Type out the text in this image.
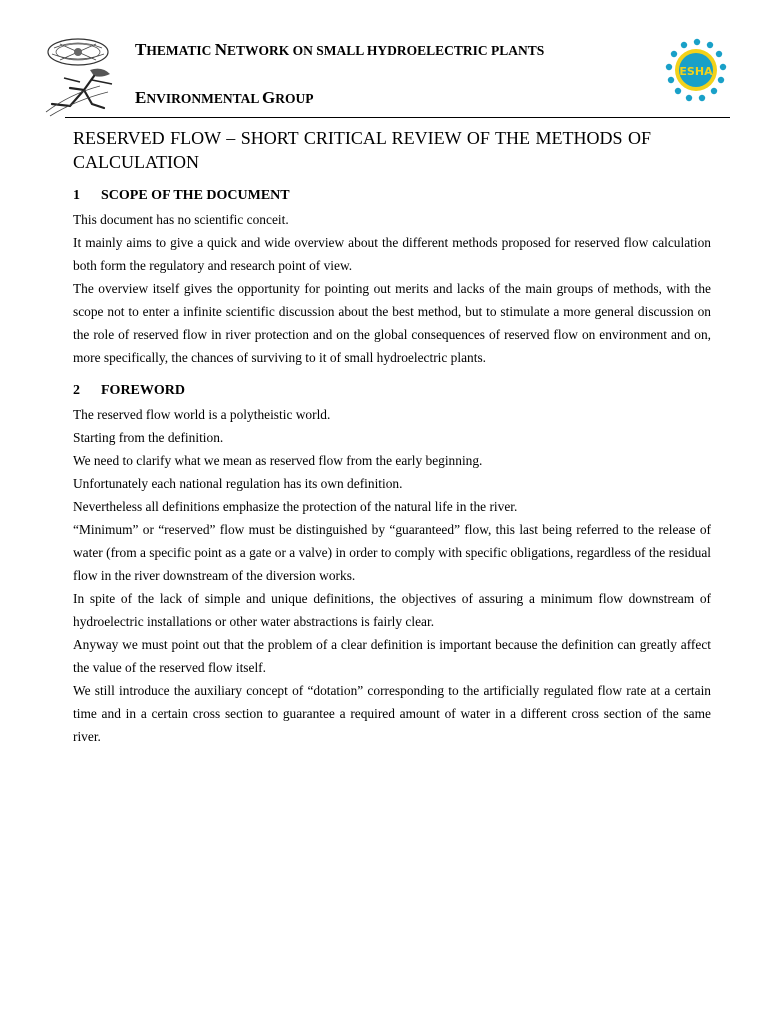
THEMATIC NETWORK ON SMALL HYDROELECTRIC PLANTS
ENVIRONMENTAL GROUP
ESHA
RESERVED FLOW – SHORT CRITICAL REVIEW OF THE METHODS OF CALCULATION
1	SCOPE OF THE DOCUMENT

This document has no scientific conceit.

It mainly aims to give a quick and wide overview about the different methods proposed for reserved flow calculation both form the regulatory and research point of view.

The overview itself gives the opportunity for pointing out merits and lacks of the main groups of methods, with the scope not to enter a infinite scientific discussion about the best method, but to stimulate a more general discussion on the role of reserved flow in river protection and on the global consequences of reserved flow on environment and on, more specifically, the chances of surviving to it of small hydroelectric plants.

2	FOREWORD

The reserved flow world is a polytheistic world.

Starting from the definition.

We need to clarify what we mean as reserved flow from the early beginning.

Unfortunately each national regulation has its own definition.

Nevertheless all definitions emphasize the protection of the natural life in the river.

“Minimum” or “reserved” flow must be distinguished by “guaranteed” flow, this last being referred to the release of water (from a specific point as a gate or a valve) in order to comply with specific obligations, regardless of the residual flow in the river downstream of the diversion works.

In spite of the lack of simple and unique definitions, the objectives of assuring a minimum flow downstream of hydroelectric installations or other water abstractions is fairly clear.

Anyway we must point out that the problem of a clear definition is important because the definition can greatly affect the value of the reserved flow itself.

We still introduce the auxiliary concept of “dotation” corresponding to the artificially regulated flow rate at a certain time and in a certain cross section to guarantee a required amount of water in a different cross section of the same river.
